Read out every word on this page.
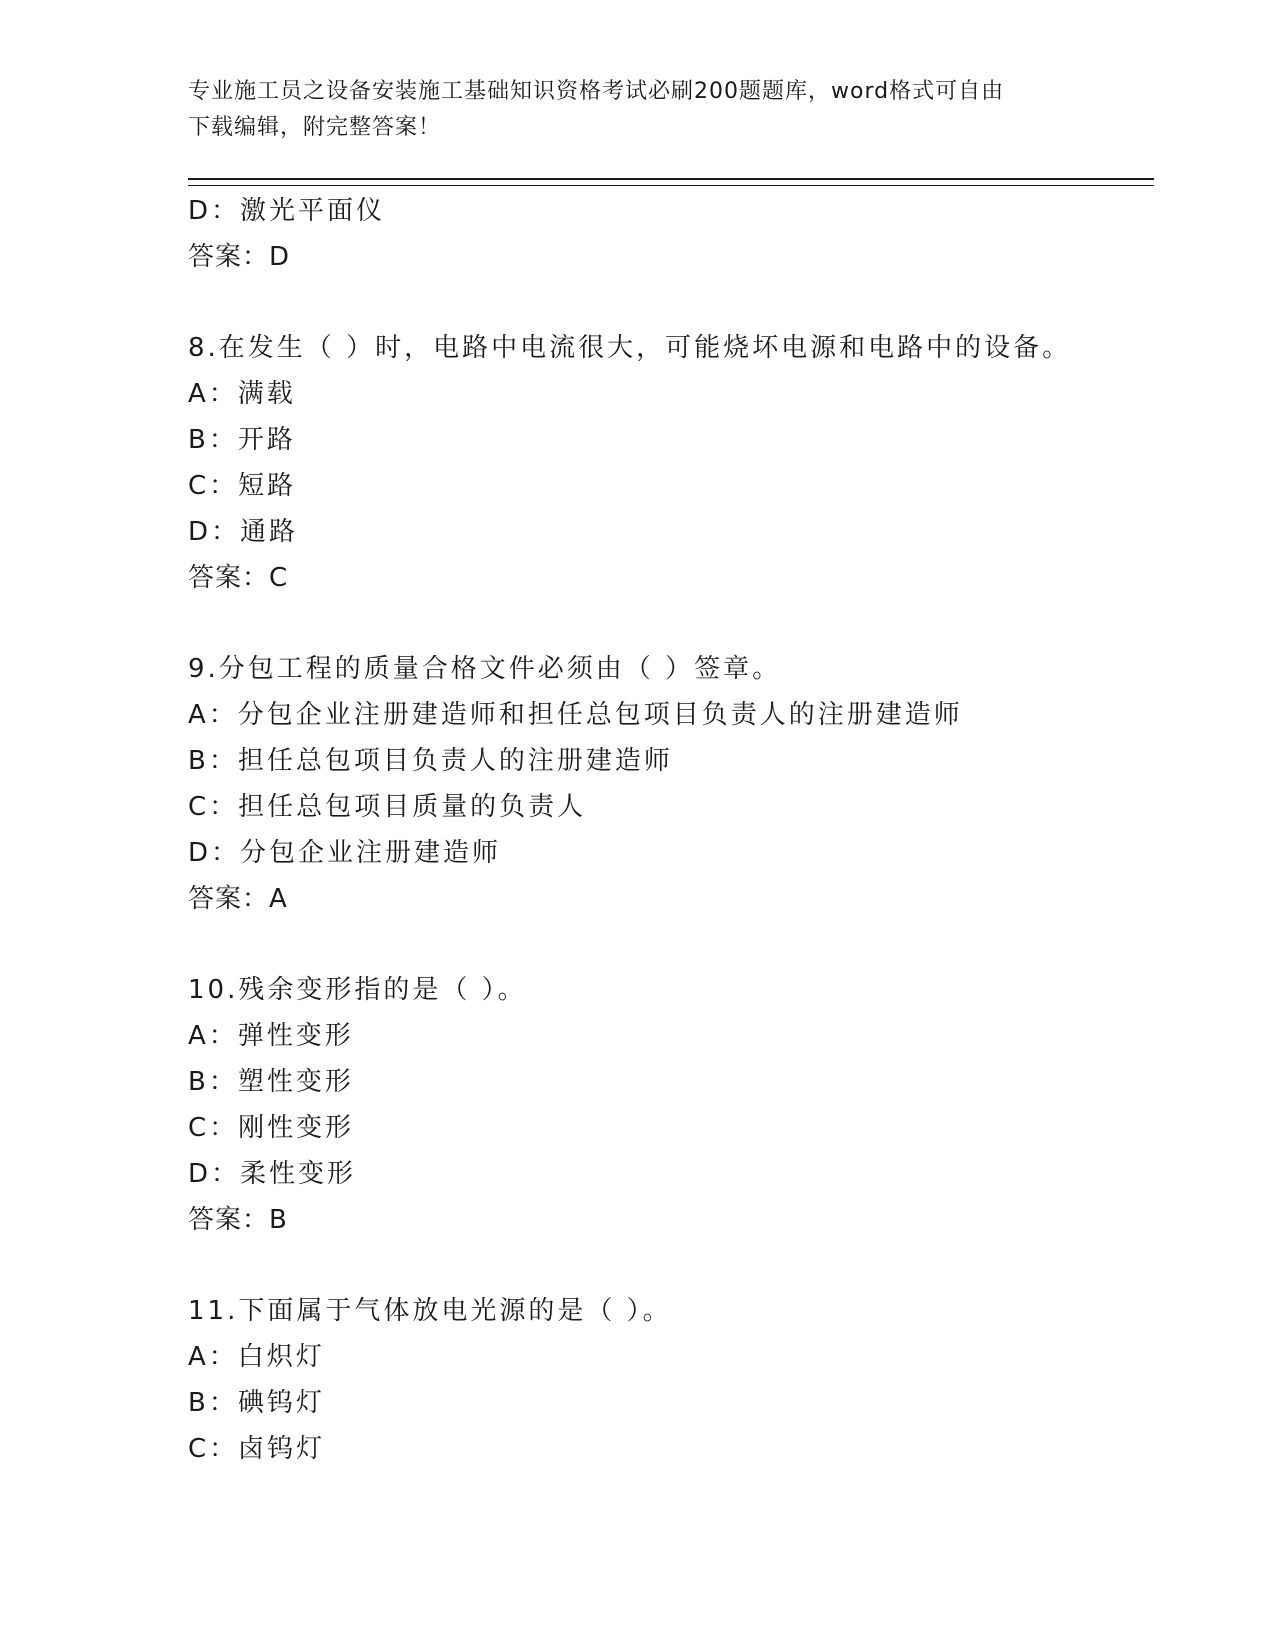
专业施工员之设备安装施工基础知识资格考试必刷200题题库，word格式可自由
下载编辑，附完整答案！
D：激光平面仪
答案：D
8.在发生（ ）时，电路中电流很大，可能烧坏电源和电路中的设备。
A：满载
B：开路
C：短路
D：通路
答案：C
9.分包工程的质量合格文件必须由（ ）签章。
A：分包企业注册建造师和担任总包项目负责人的注册建造师
B：担任总包项目负责人的注册建造师
C：担任总包项目质量的负责人
D：分包企业注册建造师
答案：A
10.残余变形指的是（ ）。
A：弹性变形
B：塑性变形
C：刚性变形
D：柔性变形
答案：B
11.下面属于气体放电光源的是（ ）。
A：白炽灯
B：碘钨灯
C：卤钨灯
